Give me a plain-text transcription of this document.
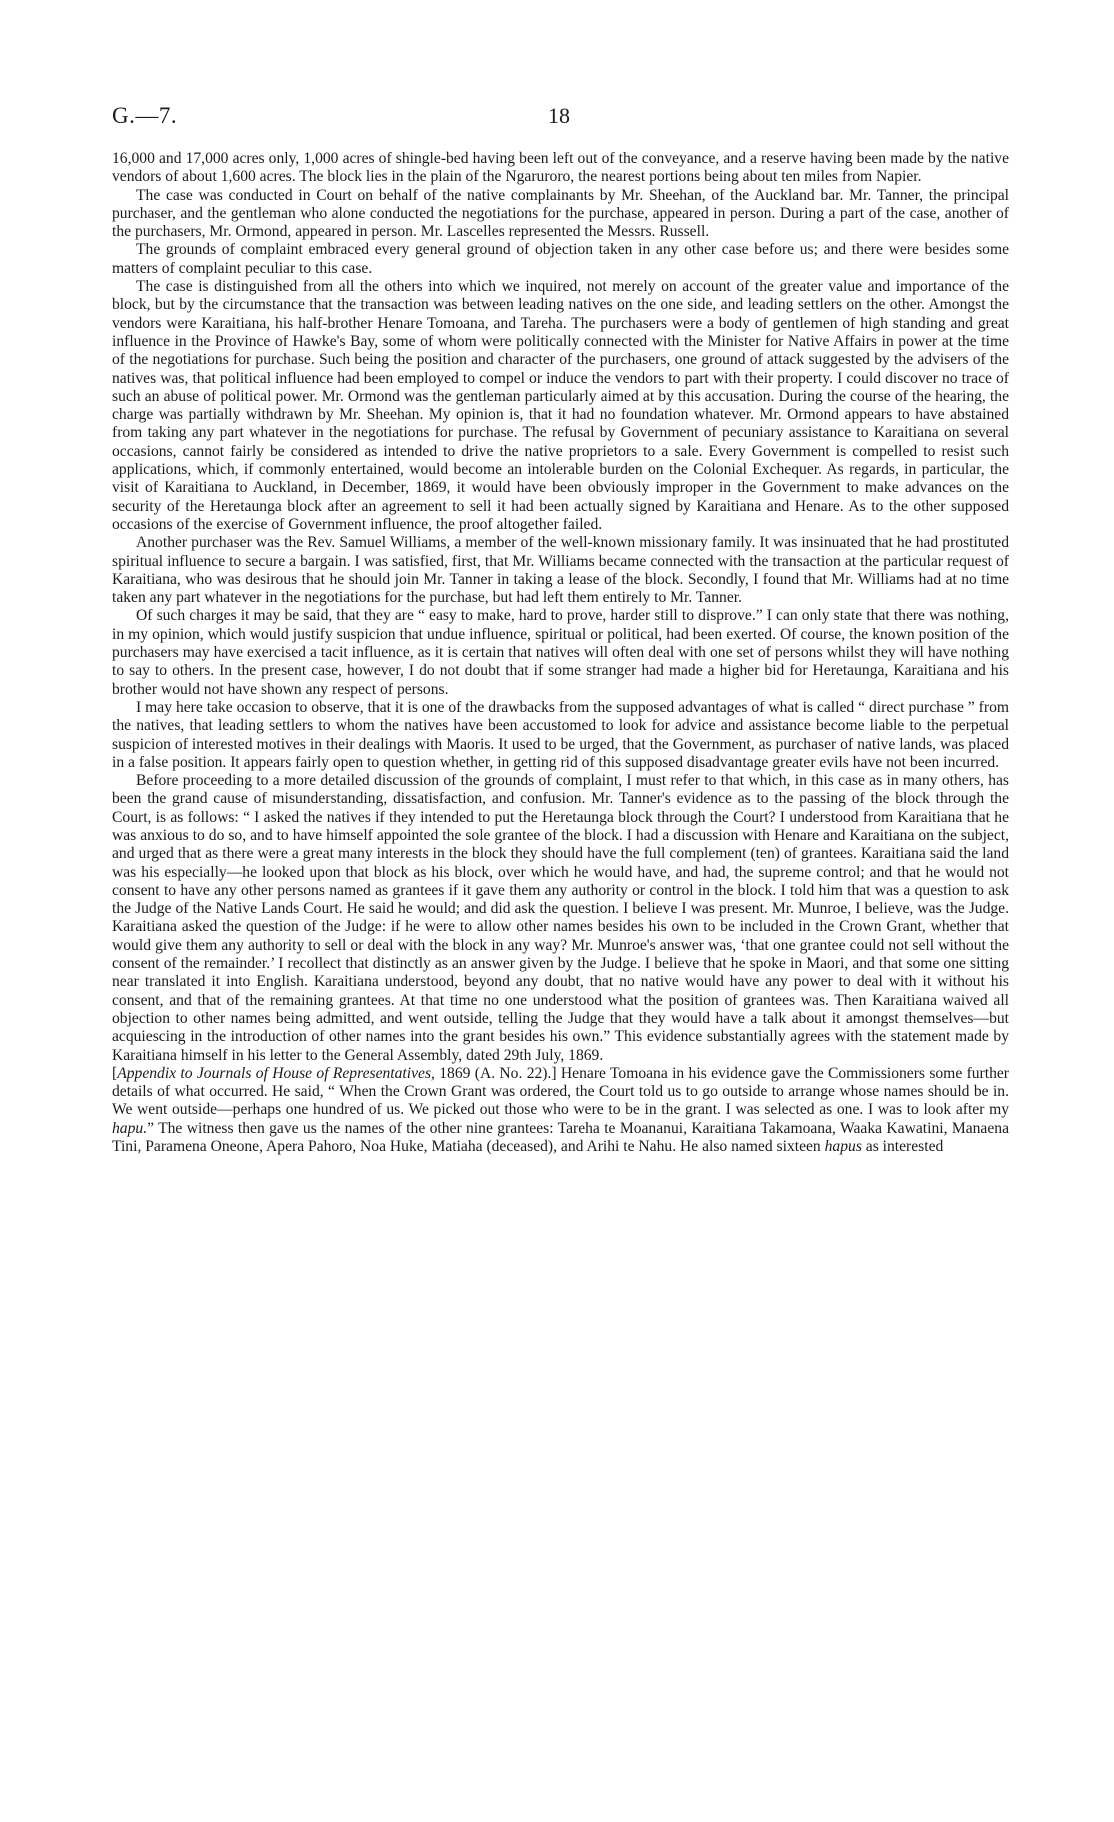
G.—7.	18

16,000 and 17,000 acres only, 1,000 acres of shingle-bed having been left out of the conveyance, and a reserve having been made by the native vendors of about 1,600 acres. The block lies in the plain of the Ngaruroro, the nearest portions being about ten miles from Napier.

The case was conducted in Court on behalf of the native complainants by Mr. Sheehan, of the Auckland bar. Mr. Tanner, the principal purchaser, and the gentleman who alone conducted the negotiations for the purchase, appeared in person. During a part of the case, another of the purchasers, Mr. Ormond, appeared in person. Mr. Lascelles represented the Messrs. Russell.

The grounds of complaint embraced every general ground of objection taken in any other case before us; and there were besides some matters of complaint peculiar to this case.

The case is distinguished from all the others into which we inquired, not merely on account of the greater value and importance of the block, but by the circumstance that the transaction was between leading natives on the one side, and leading settlers on the other. Amongst the vendors were Karaitiana, his half-brother Henare Tomoana, and Tareha. The purchasers were a body of gentlemen of high standing and great influence in the Province of Hawke's Bay, some of whom were politically connected with the Minister for Native Affairs in power at the time of the negotiations for purchase. Such being the position and character of the purchasers, one ground of attack suggested by the advisers of the natives was, that political influence had been employed to compel or induce the vendors to part with their property. I could discover no trace of such an abuse of political power. Mr. Ormond was the gentleman particularly aimed at by this accusation. During the course of the hearing, the charge was partially withdrawn by Mr. Sheehan. My opinion is, that it had no foundation whatever. Mr. Ormond appears to have abstained from taking any part whatever in the negotiations for purchase. The refusal by Government of pecuniary assistance to Karaitiana on several occasions, cannot fairly be considered as intended to drive the native proprietors to a sale. Every Government is compelled to resist such applications, which, if commonly entertained, would become an intolerable burden on the Colonial Exchequer. As regards, in particular, the visit of Karaitiana to Auckland, in December, 1869, it would have been obviously improper in the Government to make advances on the security of the Heretaunga block after an agreement to sell it had been actually signed by Karaitiana and Henare. As to the other supposed occasions of the exercise of Government influence, the proof altogether failed.

Another purchaser was the Rev. Samuel Williams, a member of the well-known missionary family. It was insinuated that he had prostituted spiritual influence to secure a bargain. I was satisfied, first, that Mr. Williams became connected with the transaction at the particular request of Karaitiana, who was desirous that he should join Mr. Tanner in taking a lease of the block. Secondly, I found that Mr. Williams had at no time taken any part whatever in the negotiations for the purchase, but had left them entirely to Mr. Tanner.

Of such charges it may be said, that they are “ easy to make, hard to prove, harder still to disprove.” I can only state that there was nothing, in my opinion, which would justify suspicion that undue influence, spiritual or political, had been exerted. Of course, the known position of the purchasers may have exercised a tacit influence, as it is certain that natives will often deal with one set of persons whilst they will have nothing to say to others. In the present case, however, I do not doubt that if some stranger had made a higher bid for Heretaunga, Karaitiana and his brother would not have shown any respect of persons.

I may here take occasion to observe, that it is one of the drawbacks from the supposed advantages of what is called “ direct purchase ” from the natives, that leading settlers to whom the natives have been accustomed to look for advice and assistance become liable to the perpetual suspicion of interested motives in their dealings with Maoris. It used to be urged, that the Government, as purchaser of native lands, was placed in a false position. It appears fairly open to question whether, in getting rid of this supposed disadvantage greater evils have not been incurred.

Before proceeding to a more detailed discussion of the grounds of complaint, I must refer to that which, in this case as in many others, has been the grand cause of misunderstanding, dissatisfaction, and confusion. Mr. Tanner's evidence as to the passing of the block through the Court, is as follows: “ I asked the natives if they intended to put the Heretaunga block through the Court? I understood from Karaitiana that he was anxious to do so, and to have himself appointed the sole grantee of the block. I had a discussion with Henare and Karaitiana on the subject, and urged that as there were a great many interests in the block they should have the full complement (ten) of grantees. Karaitiana said the land was his especially—he looked upon that block as his block, over which he would have, and had, the supreme control; and that he would not consent to have any other persons named as grantees if it gave them any authority or control in the block. I told him that was a question to ask the Judge of the Native Lands Court. He said he would; and did ask the question. I believe I was present. Mr. Munroe, I believe, was the Judge. Karaitiana asked the question of the Judge: if he were to allow other names besides his own to be included in the Crown Grant, whether that would give them any authority to sell or deal with the block in any way? Mr. Munroe's answer was, ‘that one grantee could not sell without the consent of the remainder.’ I recollect that distinctly as an answer given by the Judge. I believe that he spoke in Maori, and that some one sitting near translated it into English. Karaitiana understood, beyond any doubt, that no native would have any power to deal with it without his consent, and that of the remaining grantees. At that time no one understood what the position of grantees was. Then Karaitiana waived all objection to other names being admitted, and went outside, telling the Judge that they would have a talk about it amongst themselves—but acquiescing in the introduction of other names into the grant besides his own.” This evidence substantially agrees with the statement made by Karaitiana himself in his letter to the General Assembly, dated 29th July, 1869.

[Appendix to Journals of House of Representatives, 1869 (A. No. 22).] Henare Tomoana in his evidence gave the Commissioners some further details of what occurred. He said, “ When the Crown Grant was ordered, the Court told us to go outside to arrange whose names should be in. We went outside—perhaps one hundred of us. We picked out those who were to be in the grant. I was selected as one. I was to look after my hapu.” The witness then gave us the names of the other nine grantees: Tareha te Moananui, Karaitiana Takamoana, Waaka Kawatini, Manaena Tini, Paramena Oneone, Apera Pahoro, Noa Huke, Matiaha (deceased), and Arihi te Nahu. He also named sixteen hapus as interested
